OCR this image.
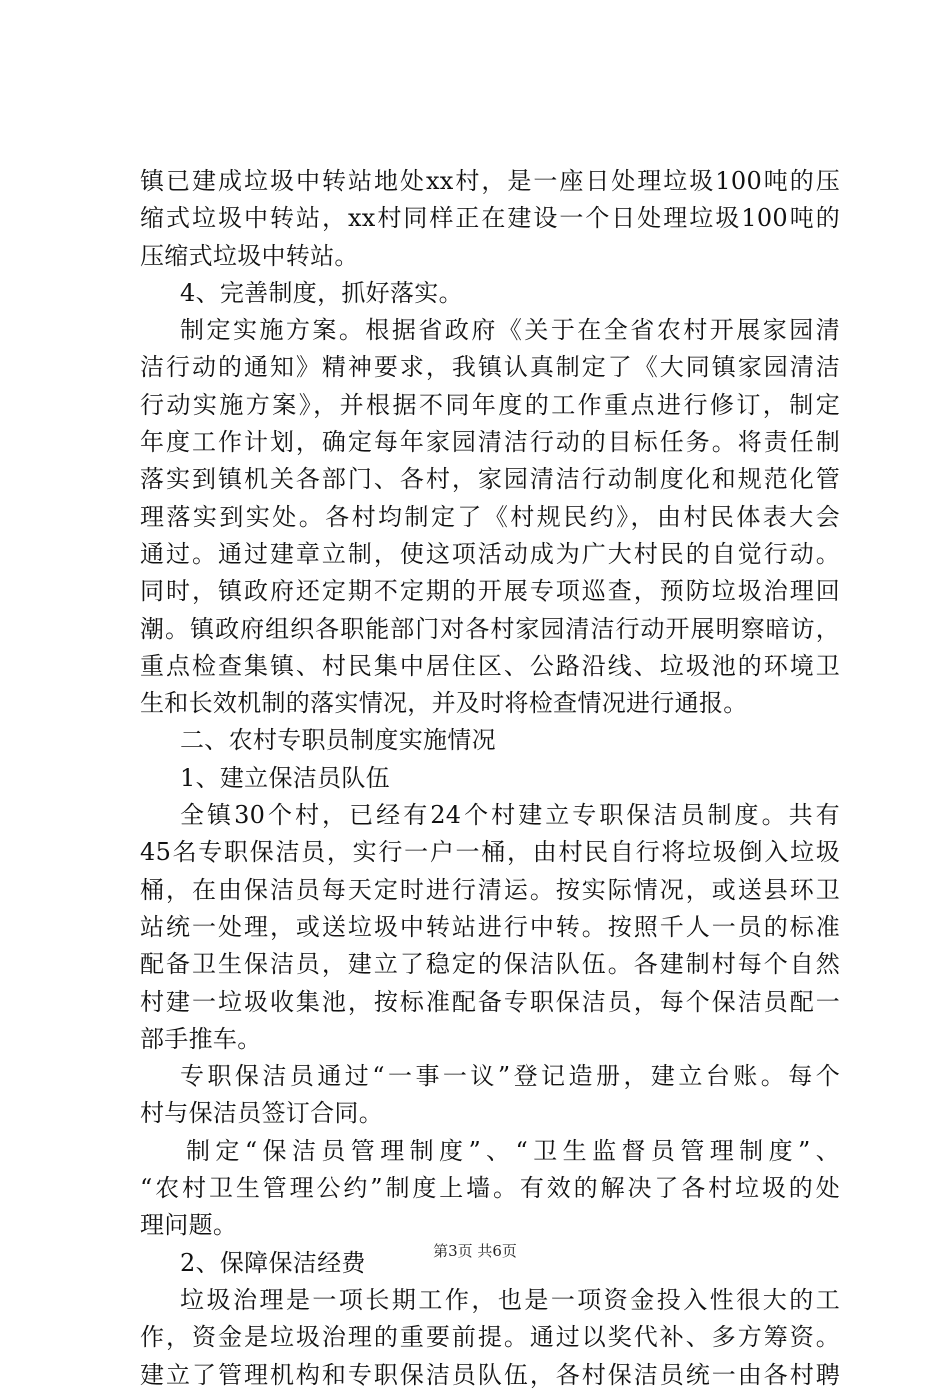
镇已建成垃圾中转站地处xx村，是一座日处理垃圾100吨的压
缩式垃圾中转站，xx村同样正在建设一个日处理垃圾100吨的
压缩式垃圾中转站。
4、完善制度，抓好落实。
制定实施方案。根据省政府《关于在全省农村开展家园清
洁行动的通知》精神要求，我镇认真制定了《大同镇家园清洁
行动实施方案》，并根据不同年度的工作重点进行修订，制定
年度工作计划，确定每年家园清洁行动的目标任务。将责任制
落实到镇机关各部门、各村，家园清洁行动制度化和规范化管
理落实到实处。各村均制定了《村规民约》，由村民体表大会
通过。通过建章立制，使这项活动成为广大村民的自觉行动。
同时，镇政府还定期不定期的开展专项巡查，预防垃圾治理回
潮。镇政府组织各职能部门对各村家园清洁行动开展明察暗访，
重点检查集镇、村民集中居住区、公路沿线、垃圾池的环境卫
生和长效机制的落实情况，并及时将检查情况进行通报。
二、农村专职员制度实施情况
1、建立保洁员队伍
全镇30个村，已经有24个村建立专职保洁员制度。共有
45名专职保洁员，实行一户一桶，由村民自行将垃圾倒入垃圾
桶，在由保洁员每天定时进行清运。按实际情况，或送县环卫
站统一处理，或送垃圾中转站进行中转。按照千人一员的标准
配备卫生保洁员，建立了稳定的保洁队伍。各建制村每个自然
村建一垃圾收集池，按标准配备专职保洁员，每个保洁员配一
部手推车。
专职保洁员通过“一事一议”登记造册，建立台账。每个
村与保洁员签订合同。
制定“保洁员管理制度”、“卫生监督员管理制度”、
“农村卫生管理公约”制度上墙。有效的解决了各村垃圾的处
理问题。
2、保障保洁经费
垃圾治理是一项长期工作，也是一项资金投入性很大的工
作，资金是垃圾治理的重要前提。通过以奖代补、多方筹资。
建立了管理机构和专职保洁员队伍，各村保洁员统一由各村聘
第3页 共6页
